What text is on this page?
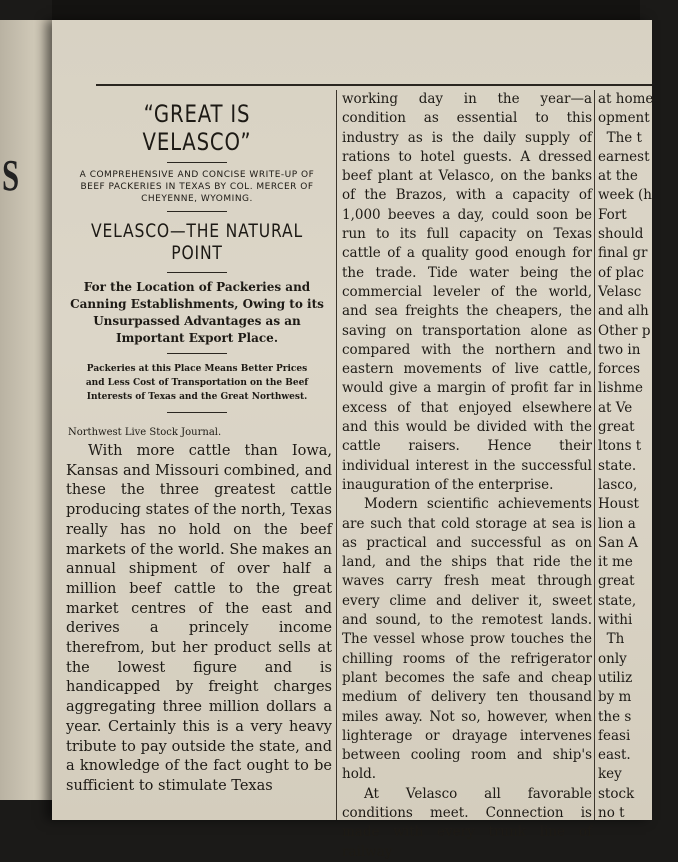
S
“GREAT IS VELASCO”
A COMPREHENSIVE AND CONCISE WRITE-UP OF BEEF PACKERIES IN TEXAS BY COL. MERCER OF CHEYENNE, WYOMING.
VELASCO—THE NATURAL POINT
For the Location of Packeries and Canning Establishments, Owing to its Unsurpassed Advantages as an Important Export Place.
Packeries at this Place Means Better Prices and Less Cost of Transportation on the Beef Interests of Texas and the Great Northwest.
Northwest Live Stock Journal.

With more cattle than Iowa, Kansas and Missouri combined, and these the three greatest cattle producing states of the north, Texas really has no hold on the beef markets of the world. She makes an annual shipment of over half a million beef cattle to the great market centres of the east and derives a princely income therefrom, but her product sells at the lowest figure and is handicapped by freight charges aggregating three million dollars a year. Certainly this is a very heavy tribute to pay outside the state, and a knowledge of the fact ought to be sufficient to stimulate Texas

working day in the year—a condition as essential to this industry as is the daily supply of rations to hotel guests. A dressed beef plant at Velasco, on the banks of the Brazos, with a capacity of 1,000 beeves a day, could soon be run to its full capacity on Texas cattle of a quality good enough for the trade. Tide water being the commercial leveler of the world, and sea freights the cheapers, the saving on transportation alone as compared with the northern and eastern movements of live cattle, would give a margin of profit far in excess of that enjoyed elsewhere and this would be divided with the cattle raisers. Hence their individual interest in the successful inauguration of the enterprise.

Modern scientific achievements are such that cold storage at sea is as practical and successful as on land, and the ships that ride the waves carry fresh meat through every clime and deliver it, sweet and sound, to the remotest lands. The vessel whose prow touches the chilling rooms of the refrigerator plant becomes the safe and cheap medium of delivery ten thousand miles away. Not so, however, when lighterage or drayage intervenes between cooling room and ship's hold.

At Velasco all favorable conditions meet. Connection is made with every trunk line of railway

at home
opment
The t
earnest
at the
week (h
Fort
should
final gr
of plac
Velasc
and alh
Other p
two in
forces
lishme
at Ve
great
ltons t
state.
lasco,
Houst
lion a
San A
it me
great
state,
withi
Th
only
utiliz
by m
the s
feasi
east.
key
stock
no t
